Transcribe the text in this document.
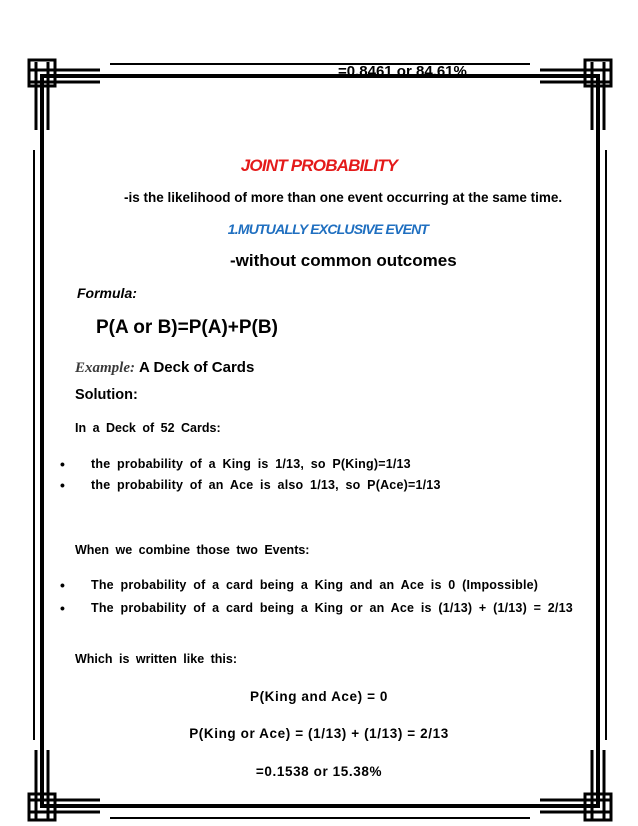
=0.8461 or 84.61%
JOINT PROBABILITY
-is the likelihood of more than one event occurring at the same time.
1.MUTUALLY EXCLUSIVE EVENT
-without common outcomes
Formula:
P(A or B)=P(A)+P(B)
Example: A Deck of Cards
Solution:
In a Deck of 52 Cards:
• the probability of a King is 1/13, so P(King)=1/13
• the probability of an Ace is also 1/13, so P(Ace)=1/13
When we combine those two Events:
• The probability of a card being a King and an Ace is 0 (Impossible)
• The probability of a card being a King or an Ace is (1/13) + (1/13) = 2/13
Which is written like this:
P(King and Ace) = 0
P(King or Ace) = (1/13) + (1/13) = 2/13
=0.1538 or 15.38%
